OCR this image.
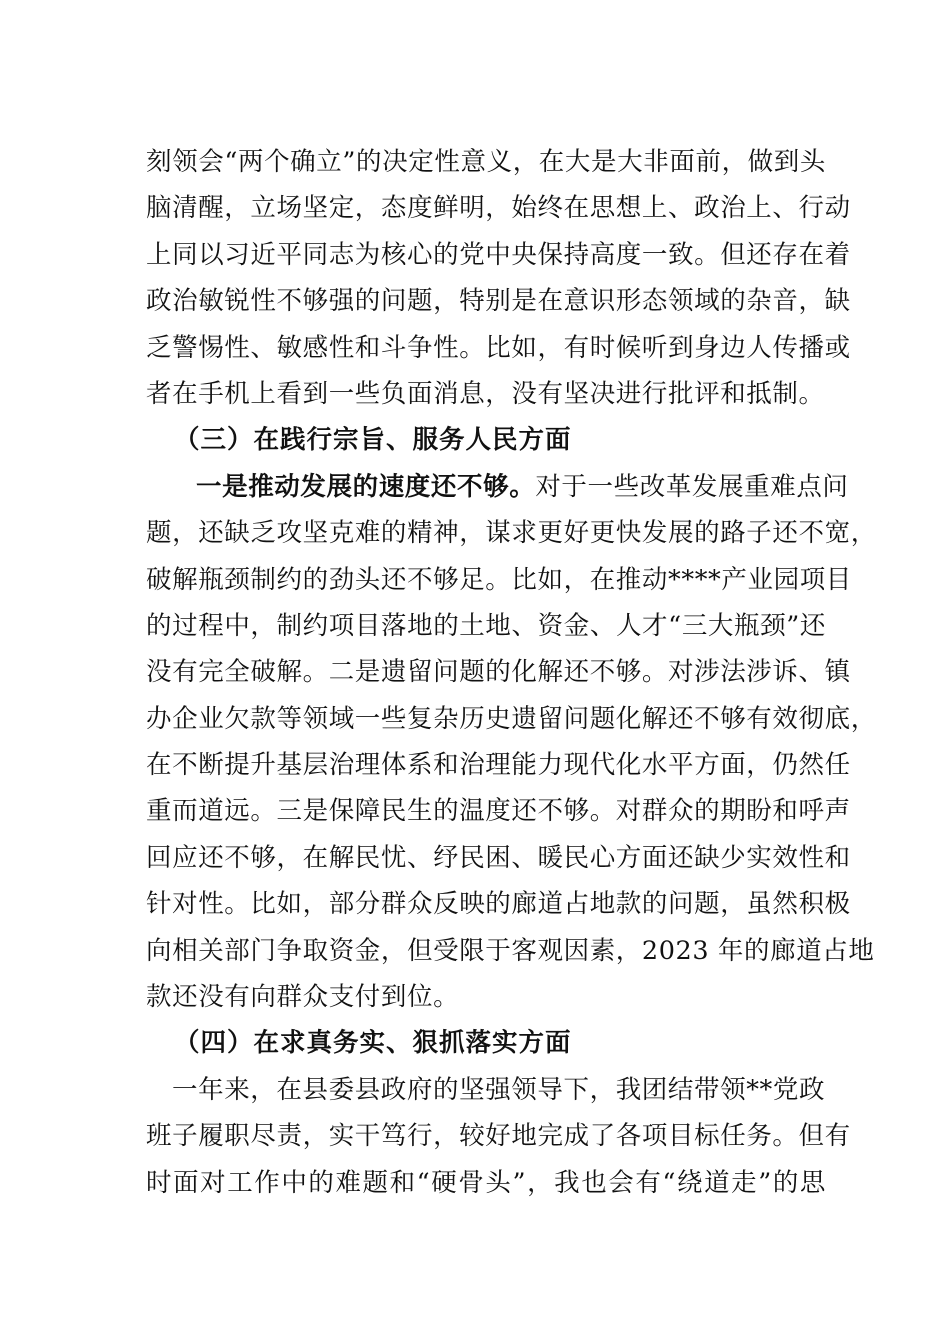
刻领会“两个确立”的决定性意义，在大是大非面前，做到头
脑清醒，立场坚定，态度鲜明，始终在思想上、政治上、行动
上同以习近平同志为核心的党中央保持高度一致。但还存在着
政治敏锐性不够强的问题，特别是在意识形态领域的杂音，缺
乏警惕性、敏感性和斗争性。比如，有时候听到身边人传播或
者在手机上看到一些负面消息，没有坚决进行批评和抵制。
（三）在践行宗旨、服务人民方面
一是推动发展的速度还不够。对于一些改革发展重难点问
题，还缺乏攻坚克难的精神，谋求更好更快发展的路子还不宽，
破解瓶颈制约的劲头还不够足。比如，在推动****产业园项目
的过程中，制约项目落地的土地、资金、人才“三大瓶颈”还
没有完全破解。二是遗留问题的化解还不够。对涉法涉诉、镇
办企业欠款等领域一些复杂历史遗留问题化解还不够有效彻底，
在不断提升基层治理体系和治理能力现代化水平方面，仍然任
重而道远。三是保障民生的温度还不够。对群众的期盼和呼声
回应还不够，在解民忧、纾民困、暖民心方面还缺少实效性和
针对性。比如，部分群众反映的廊道占地款的问题，虽然积极
向相关部门争取资金，但受限于客观因素，2023 年的廊道占地
款还没有向群众支付到位。
（四）在求真务实、狠抓落实方面
一年来，在县委县政府的坚强领导下，我团结带领**党政
班子履职尽责，实干笃行，较好地完成了各项目标任务。但有
时面对工作中的难题和“硬骨头”，我也会有“绕道走”的思
